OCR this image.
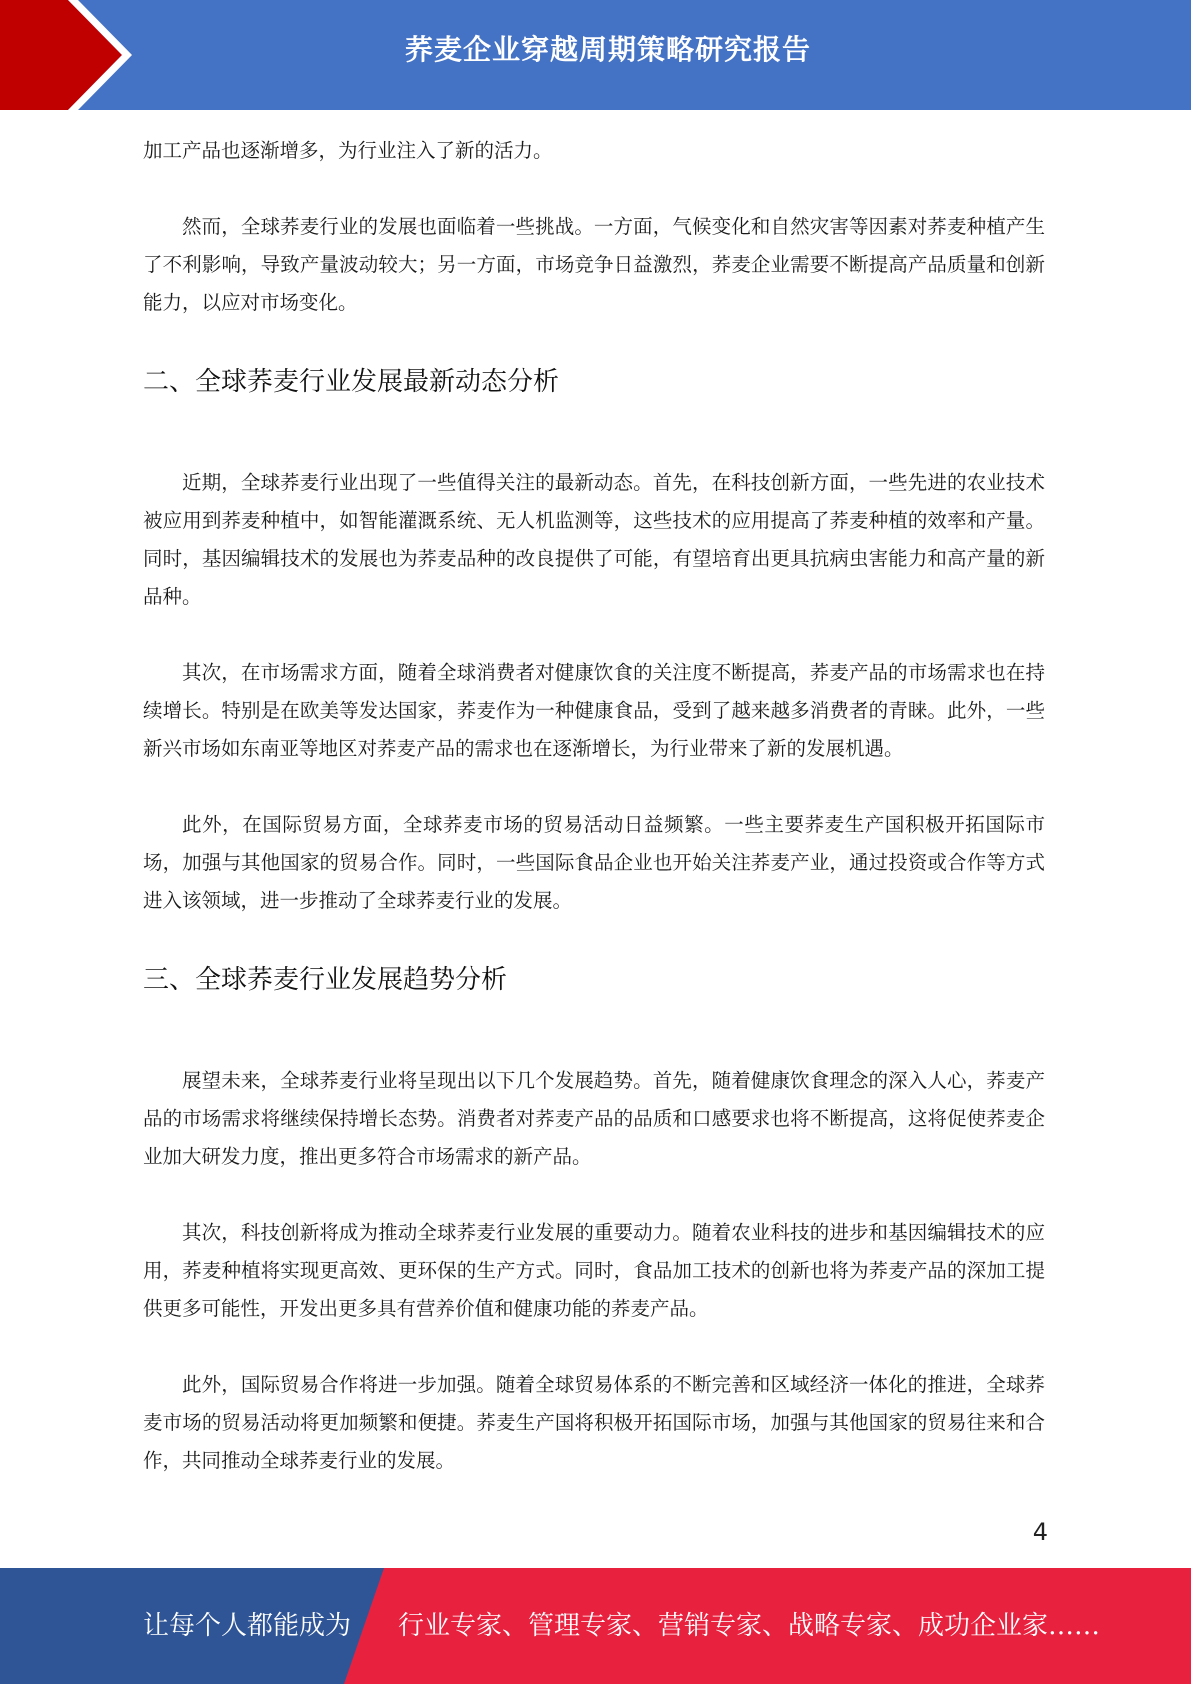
荞麦企业穿越周期策略研究报告

加工产品也逐渐增多，为行业注入了新的活力。

然而，全球荞麦行业的发展也面临着一些挑战。一方面，气候变化和自然灾害等因素对荞麦种植产生了不利影响，导致产量波动较大；另一方面，市场竞争日益激烈，荞麦企业需要不断提高产品质量和创新能力，以应对市场变化。

二、全球荞麦行业发展最新动态分析

近期，全球荞麦行业出现了一些值得关注的最新动态。首先，在科技创新方面，一些先进的农业技术被应用到荞麦种植中，如智能灌溉系统、无人机监测等，这些技术的应用提高了荞麦种植的效率和产量。同时，基因编辑技术的发展也为荞麦品种的改良提供了可能，有望培育出更具抗病虫害能力和高产量的新品种。

其次，在市场需求方面，随着全球消费者对健康饮食的关注度不断提高，荞麦产品的市场需求也在持续增长。特别是在欧美等发达国家，荞麦作为一种健康食品，受到了越来越多消费者的青睐。此外，一些新兴市场如东南亚等地区对荞麦产品的需求也在逐渐增长，为行业带来了新的发展机遇。

此外，在国际贸易方面，全球荞麦市场的贸易活动日益频繁。一些主要荞麦生产国积极开拓国际市场，加强与其他国家的贸易合作。同时，一些国际食品企业也开始关注荞麦产业，通过投资或合作等方式进入该领域，进一步推动了全球荞麦行业的发展。

三、全球荞麦行业发展趋势分析

展望未来，全球荞麦行业将呈现出以下几个发展趋势。首先，随着健康饮食理念的深入人心，荞麦产品的市场需求将继续保持增长态势。消费者对荞麦产品的品质和口感要求也将不断提高，这将促使荞麦企业加大研发力度，推出更多符合市场需求的新产品。

其次，科技创新将成为推动全球荞麦行业发展的重要动力。随着农业科技的进步和基因编辑技术的应用，荞麦种植将实现更高效、更环保的生产方式。同时，食品加工技术的创新也将为荞麦产品的深加工提供更多可能性，开发出更多具有营养价值和健康功能的荞麦产品。

此外，国际贸易合作将进一步加强。随着全球贸易体系的不断完善和区域经济一体化的推进，全球荞麦市场的贸易活动将更加频繁和便捷。荞麦生产国将积极开拓国际市场，加强与其他国家的贸易往来和合作，共同推动全球荞麦行业的发展。

4
让每个人都能成为 行业专家、管理专家、营销专家、战略专家、成功企业家……
